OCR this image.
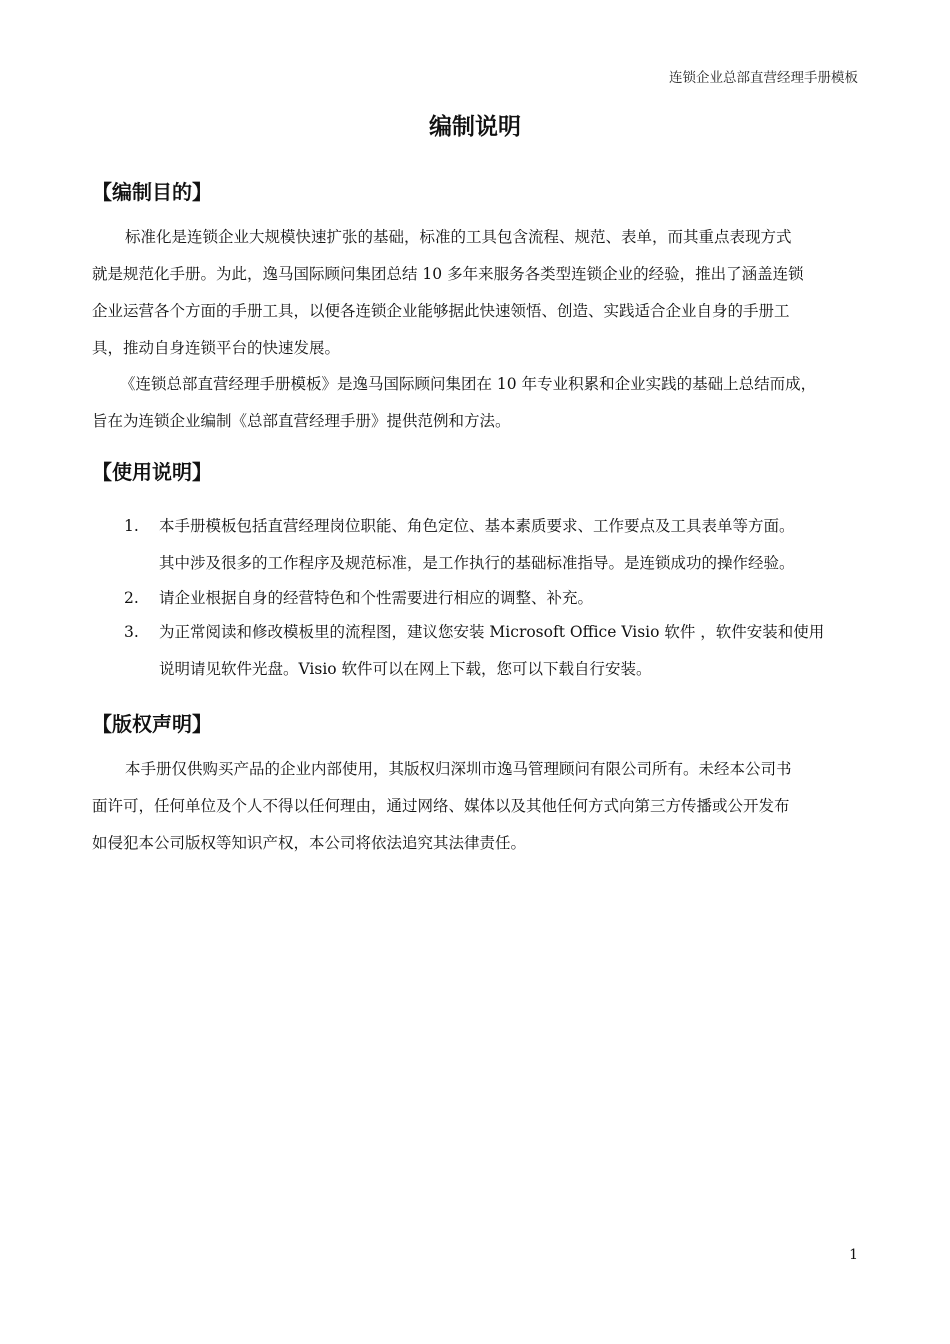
连锁企业总部直营经理手册模板
编制说明
【编制目的】
标准化是连锁企业大规模快速扩张的基础，标准的工具包含流程、规范、表单，而其重点表现方式
就是规范化手册。为此，逸马国际顾问集团总结 10 多年来服务各类型连锁企业的经验，推出了涵盖连锁
企业运营各个方面的手册工具，以便各连锁企业能够据此快速领悟、创造、实践适合企业自身的手册工
具，推动自身连锁平台的快速发展。
《连锁总部直营经理手册模板》是逸马国际顾问集团在 10 年专业积累和企业实践的基础上总结而成，
旨在为连锁企业编制《总部直营经理手册》提供范例和方法。
【使用说明】
1. 本手册模板包括直营经理岗位职能、角色定位、基本素质要求、工作要点及工具表单等方面。
其中涉及很多的工作程序及规范标准，是工作执行的基础标准指导。是连锁成功的操作经验。
2. 请企业根据自身的经营特色和个性需要进行相应的调整、补充。
3. 为正常阅读和修改模板里的流程图，建议您安装 Microsoft Office Visio 软件 ，软件安装和使用
说明请见软件光盘。Visio 软件可以在网上下载，您可以下载自行安装。
【版权声明】
本手册仅供购买产品的企业内部使用，其版权归深圳市逸马管理顾问有限公司所有。未经本公司书
面许可，任何单位及个人不得以任何理由，通过网络、媒体以及其他任何方式向第三方传播或公开发布
如侵犯本公司版权等知识产权，本公司将依法追究其法律责任。
1
